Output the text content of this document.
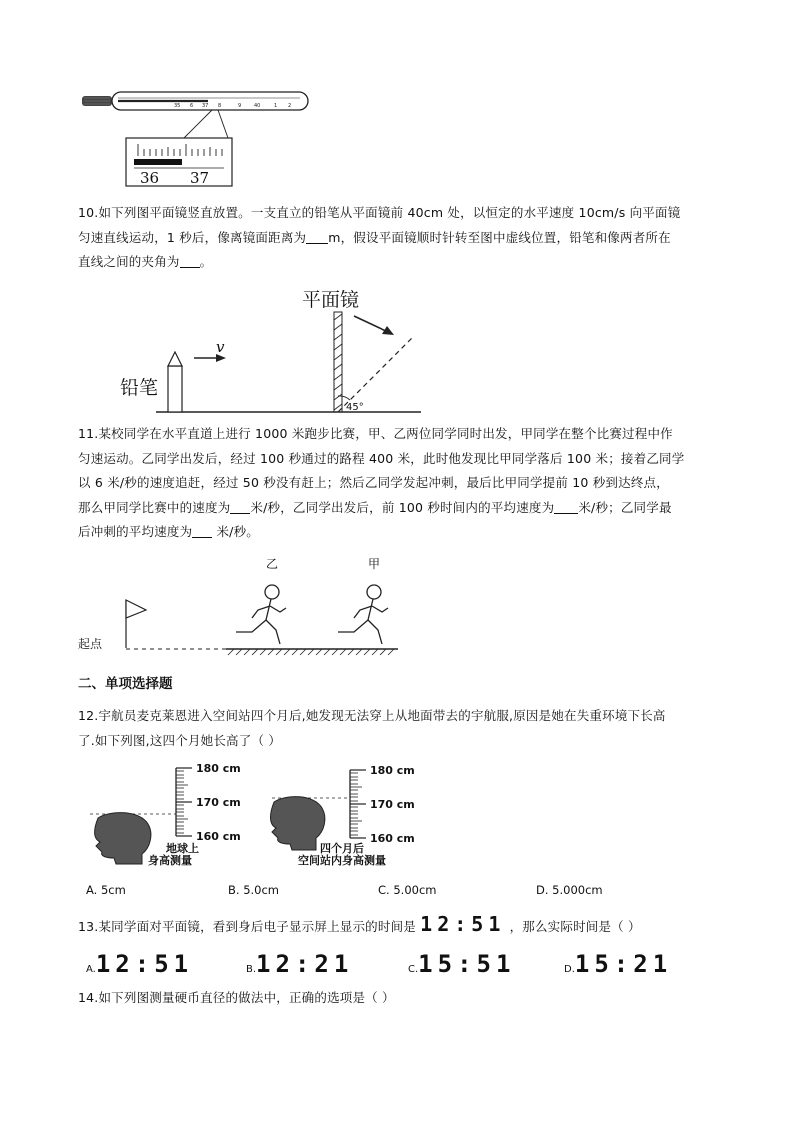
35 6 37 8	9	40	1 2
36 37
10.如下列图平面镜竖直放置。一支直立的铅笔从平面镜前 40cm 处，以恒定的水平速度 10cm/s 向平面镜
匀速直线运动，1 秒后，像离镜面距离为 m，假设平面镜顺时针转至图中虚线位置，铅笔和像两者所在
直线之间的夹角为 。
平面镜
45°
铅笔
v
11.某校同学在水平直道上进行 1000 米跑步比赛，甲、乙两位同学同时出发，甲同学在整个比赛过程中作
匀速运动。乙同学出发后，经过 100 秒通过的路程 400 米，此时他发现比甲同学落后 100 米；接着乙同学
以 6 米/秒的速度追赶，经过 50 秒没有赶上；然后乙同学发起冲刺，最后比甲同学提前 10 秒到达终点，
那么甲同学比赛中的速度为 米/秒，乙同学出发后，前 100 秒时间内的平均速度为 米/秒；乙同学最
后冲刺的平均速度为 米/秒。
起点
乙	甲
二、单项选择题
12.宇航员麦克莱恩进入空间站四个月后,她发现无法穿上从地面带去的宇航服,原因是她在失重环境下长高
了.如下列图,这四个月她长高了（ ）
180 cm
170 cm
160 cm
地球上
身高测量
180 cm
170 cm
160 cm
四个月后
空间站内身高测量
A. 5cm	B. 5.0cm	C. 5.00cm	D. 5.000cm
13.某同学面对平面镜，看到身后电子显示屏上显示的时间是 12:51 ，那么实际时间是（ ）
A. 12:51	B. 12:21	C. 15:51	D. 15:21
14.如下列图测量硬币直径的做法中，正确的选项是（ ）
